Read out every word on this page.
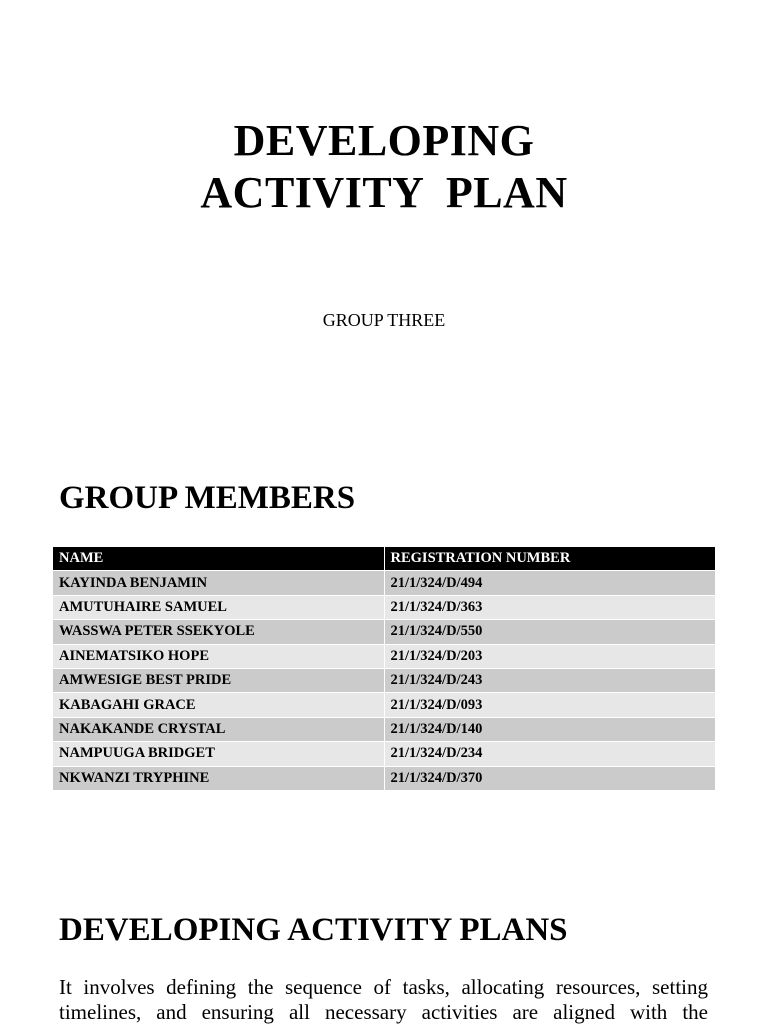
DEVELOPING
ACTIVITY  PLAN

GROUP THREE

GROUP MEMBERS
NAME	REGISTRATION NUMBER
KAYINDA BENJAMIN	21/1/324/D/494
AMUTUHAIRE SAMUEL	21/1/324/D/363
WASSWA PETER SSEKYOLE	21/1/324/D/550
AINEMATSIKO HOPE	21/1/324/D/203
AMWESIGE BEST PRIDE	21/1/324/D/243
KABAGAHI GRACE	21/1/324/D/093
NAKAKANDE CRYSTAL	21/1/324/D/140
NAMPUUGA BRIDGET	21/1/324/D/234
NKWANZI TRYPHINE	21/1/324/D/370
DEVELOPING ACTIVITY PLANS

It involves defining the sequence of tasks, allocating resources, setting timelines, and ensuring all necessary activities are aligned with the
